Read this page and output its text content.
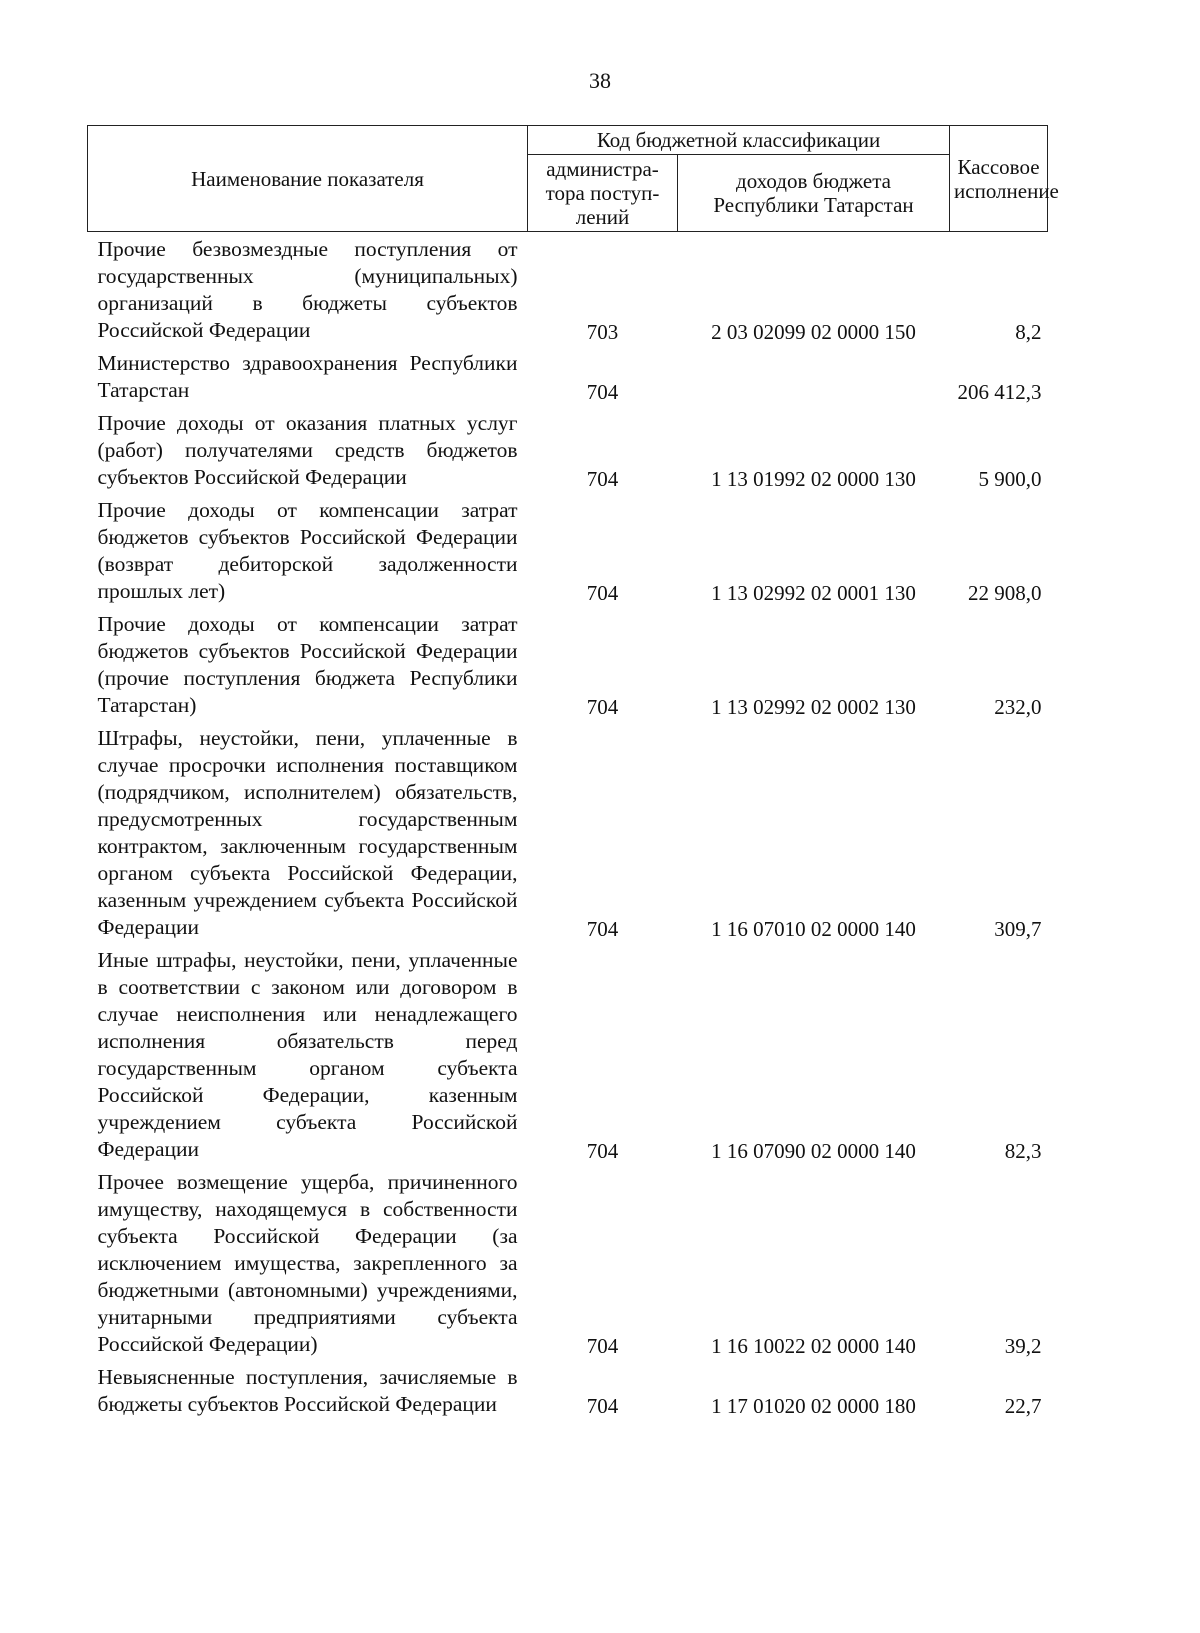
38
Наименование показателя	Код бюджетной классификации		Кассовое исполнение
	администра-тора поступ-лений	доходов бюджета Республики Татарстан	
Прочие безвозмездные поступления от государственных (муниципальных) организаций в бюджеты субъектов Российской Федерации	703	2 03 02099 02 0000 150	8,2
Министерство здравоохранения Республики Татарстан	704		206 412,3
Прочие доходы от оказания платных услуг (работ) получателями средств бюджетов субъектов Российской Федерации	704	1 13 01992 02 0000 130	5 900,0
Прочие доходы от компенсации затрат бюджетов субъектов Российской Федерации (возврат дебиторской задолженности прошлых лет)	704	1 13 02992 02 0001 130	22 908,0
Прочие доходы от компенсации затрат бюджетов субъектов Российской Федерации (прочие поступления бюджета Республики Татарстан)	704	1 13 02992 02 0002 130	232,0
Штрафы, неустойки, пени, уплаченные в случае просрочки исполнения поставщиком (подрядчиком, исполнителем) обязательств, предусмотренных государственным контрактом, заключенным государственным органом субъекта Российской Федерации, казенным учреждением субъекта Российской Федерации	704	1 16 07010 02 0000 140	309,7
Иные штрафы, неустойки, пени, уплаченные в соответствии с законом или договором в случае неисполнения или ненадлежащего исполнения обязательств перед государственным органом субъекта Российской Федерации, казенным учреждением субъекта Российской Федерации	704	1 16 07090 02 0000 140	82,3
Прочее возмещение ущерба, причиненного имуществу, находящемуся в собственности субъекта Российской Федерации (за исключением имущества, закрепленного за бюджетными (автономными) учреждениями, унитарными предприятиями субъекта Российской Федерации)	704	1 16 10022 02 0000 140	39,2
Невыясненные поступления, зачисляемые в бюджеты субъектов Российской Федерации	704	1 17 01020 02 0000 180	22,7
